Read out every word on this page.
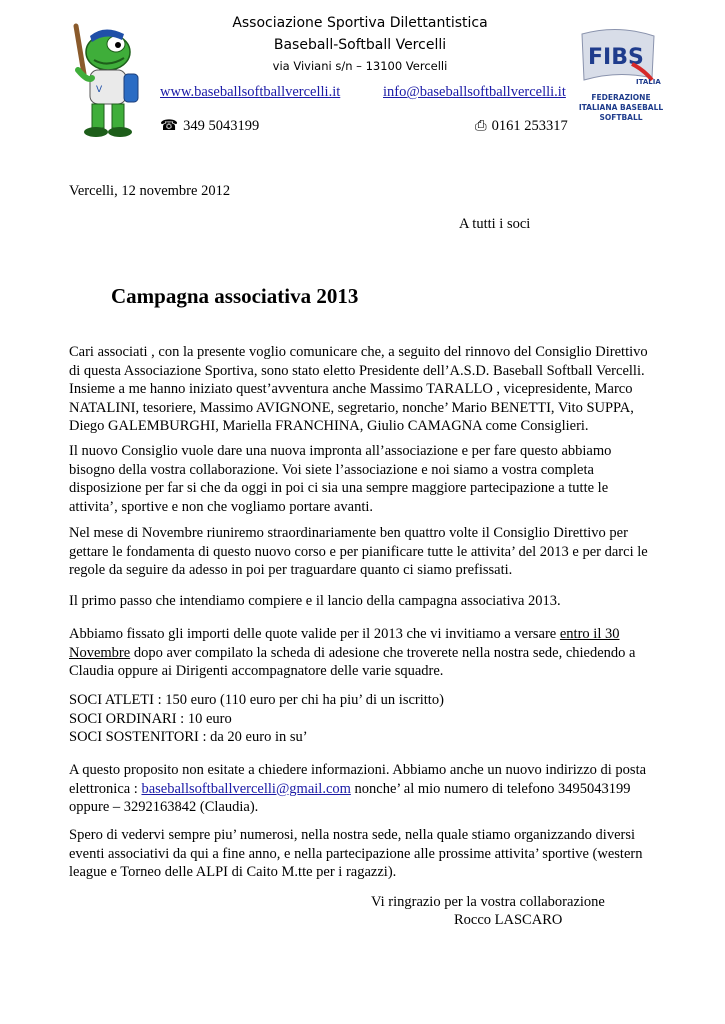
V
Associazione Sportiva Dilettantistica
Baseball-Softball Vercelli
via Viviani s/n – 13100 Vercelli
www.baseballsoftballvercelli.it	info@baseballsoftballvercelli.it
☎ 349 5043199	⎙ 0161 253317
FIBS
ITALIA
FEDERAZIONE
ITALIANA BASEBALL
SOFTBALL
Vercelli, 12 novembre 2012
A tutti i soci
Campagna associativa 2013
Cari associati , con la presente voglio comunicare che, a seguito del rinnovo del Consiglio Direttivo
di questa Associazione Sportiva, sono stato eletto Presidente dell’A.S.D. Baseball Softball Vercelli.
Insieme a me hanno iniziato quest’avventura anche Massimo TARALLO , vicepresidente, Marco
NATALINI, tesoriere, Massimo AVIGNONE, segretario, nonche’ Mario BENETTI, Vito SUPPA,
Diego GALEMBURGHI, Mariella FRANCHINA, Giulio CAMAGNA come Consiglieri.
Il nuovo Consiglio vuole dare una nuova impronta all’associazione e per fare questo abbiamo
bisogno della vostra collaborazione. Voi siete l’associazione e noi siamo a vostra completa
disposizione per far si che da oggi in poi ci sia una sempre maggiore partecipazione a tutte le
attivita’, sportive e non che vogliamo portare avanti.
Nel mese di Novembre riuniremo straordinariamente ben quattro volte il Consiglio Direttivo per
gettare le fondamenta di questo nuovo corso e per pianificare tutte le attivita’ del 2013 e per darci le
regole da seguire da adesso in poi per traguardare quanto ci siamo prefissati.
Il primo passo che intendiamo compiere e il lancio della campagna associativa 2013.
Abbiamo fissato gli importi delle quote valide per il 2013 che vi invitiamo a versare entro il 30
Novembre dopo aver compilato la scheda di adesione che troverete nella nostra sede, chiedendo a
Claudia oppure ai Dirigenti accompagnatore delle varie squadre.
SOCI ATLETI : 150 euro (110 euro per chi ha piu’ di un iscritto)
SOCI ORDINARI : 10 euro
SOCI SOSTENITORI : da 20 euro in su’
A questo proposito non esitate a chiedere informazioni. Abbiamo anche un nuovo indirizzo di posta
elettronica : baseballsoftballvercelli@gmail.com nonche’ al mio numero di telefono 3495043199
oppure – 3292163842 (Claudia).
Spero di vedervi sempre piu’ numerosi, nella nostra sede, nella quale stiamo organizzando diversi
eventi associativi da qui a fine anno, e nella partecipazione alle prossime attivita’ sportive (western
league e Torneo delle ALPI di Caito M.tte per i ragazzi).
Vi ringrazio per la vostra collaborazione
Rocco LASCARO
